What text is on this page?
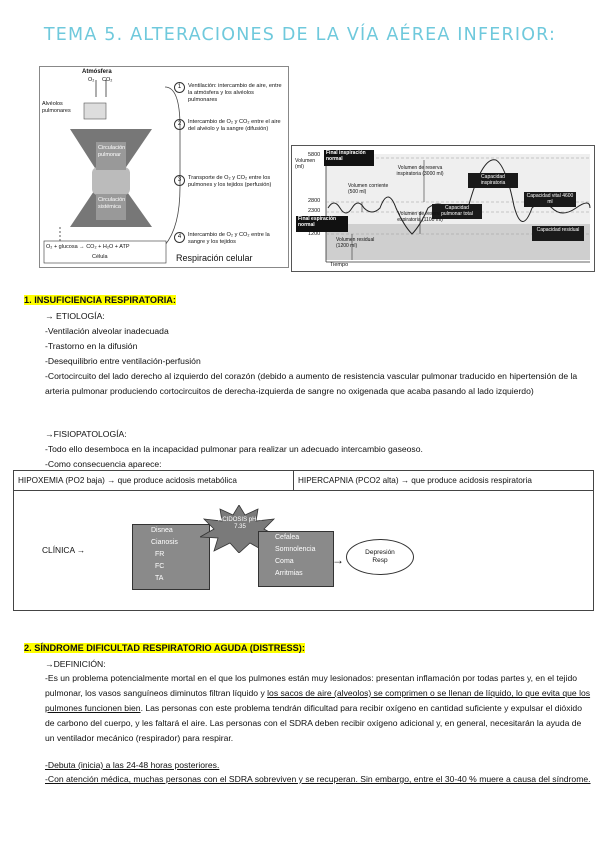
TEMA 5. ALTERACIONES DE LA VÍA AÉREA INFERIOR:
Atmósfera
O₂ CO₂
Alvéolos pulmonares
Circulación pulmonar
Circulación sistémica
O₂ + glucosa → CO₂ + H₂O + ATP
Célula
1	Ventilación: intercambio de aire, entre la atmósfera y los alvéolos pulmonares
2	Intercambio de O₂ y CO₂ entre el aire del alvéolo y la sangre (difusión)
3	Transporte de O₂ y CO₂ entre los pulmones y los tejidos (perfusión)
4	Intercambio de O₂ y CO₂ entre la sangre y los tejidos
Respiración celular
Volumen (ml)
5800
2800
2300
1200
Tiempo
Final inspiración normal
Final espiración normal
Volumen de reserva inspiratoria (3000 ml)
Volumen corriente (500 ml)
Volumen de reserva espiratoria (1100 ml)
Volumen residual (1200 ml)
Capacidad inspiratoria
Capacidad vital 4600 ml
Capacidad pulmonar total
Capacidad residual
1. INSUFICIENCIA RESPIRATORIA:
→ ETIOLOGÍA:
-Ventilación alveolar inadecuada
-Trastorno en la difusión
-Desequilibrio entre ventilación-perfusión
-Cortocircuito del lado derecho al izquierdo del corazón (debido a aumento de resistencia vascular pulmonar traducido en hipertensión de la arteria pulmonar produciendo cortocircuitos de derecha-izquierda de sangre no oxigenada que acaba pasando al lado izquierdo)
→FISIOPATOLOGÍA:
-Todo ello desemboca en la incapacidad pulmonar para realizar un adecuado intercambio gaseoso.
-Como consecuencia aparece:
HIPOXEMIA (PO2 baja) → que produce acidosis metabólica	HIPERCAPNIA (PCO2 alta) → que produce acidosis respiratoria
CLÍNICA →
Disnea
Cianosis
FR
FC
TA
ACIDOSIS pH < 7.35
Cefalea
Somnolencia
Coma
Arritmias
→
Depresión Resp
2. SÍNDROME DIFICULTAD RESPIRATORIO AGUDA (DISTRESS):
→DEFINICIÓN:
-Es un problema potencialmente mortal en el que los pulmones están muy lesionados: presentan inflamación por todas partes y, en el tejido pulmonar, los vasos sanguíneos diminutos filtran líquido y los sacos de aire (alveolos) se comprimen o se llenan de líquido, lo que evita que los pulmones funcionen bien. Las personas con este problema tendrán dificultad para recibir oxígeno en cantidad suficiente y expulsar el dióxido de carbono del cuerpo, y les faltará el aire. Las personas con el SDRA deben recibir oxígeno adicional y, en general, necesitarán la ayuda de un ventilador mecánico (respirador) para respirar.
-Debuta (inicia) a las 24-48 horas posteriores.
-Con atención médica, muchas personas con el SDRA sobreviven y se recuperan. Sin embargo, entre el 30-40 % muere a causa del síndrome.
